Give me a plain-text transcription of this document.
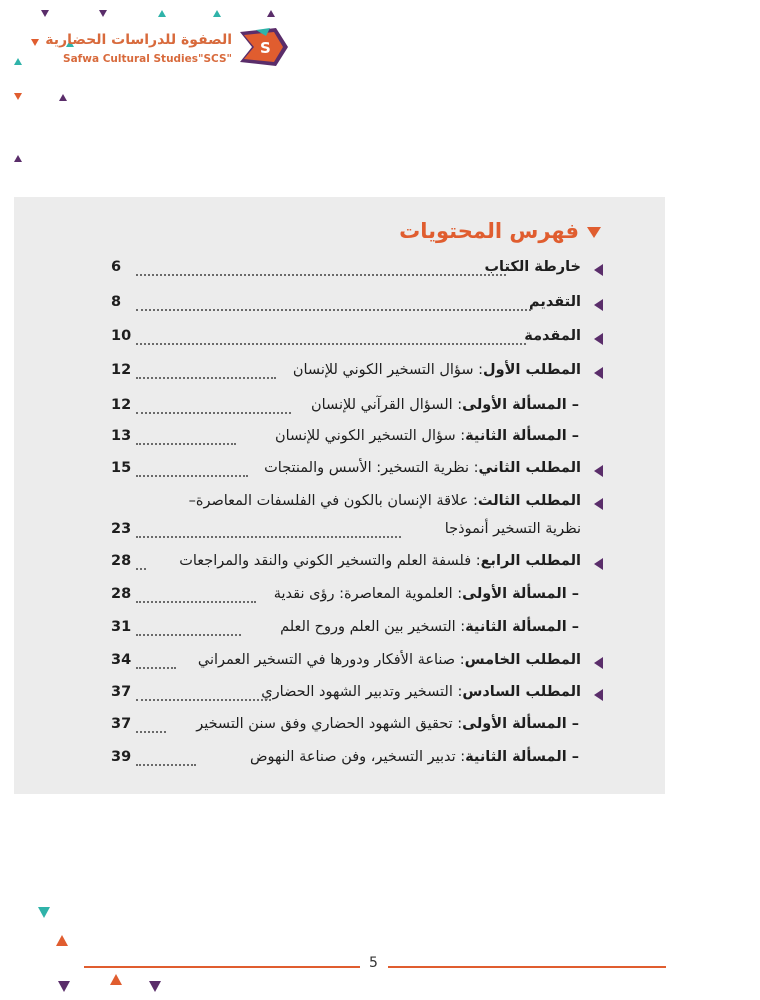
الصفوة للدراسات الحضارية
Safwa Cultural Studies"SCS"
S
فهرس المحتويات
خارطة الكتاب
6
التقديم
8
المقدمة
10
المطلب الأول: سؤال التسخير الكوني للإنسان
12
– المسألة الأولى: السؤال القرآني للإنسان
12
– المسألة الثانية: سؤال التسخير الكوني للإنسان
13
المطلب الثاني: نظرية التسخير: الأسس والمنتجات
15
المطلب الثالث: علاقة الإنسان بالكون في الفلسفات المعاصرة–
نظرية التسخير أنموذجا
23
المطلب الرابع: فلسفة العلم والتسخير الكوني والنقد والمراجعات
28
– المسألة الأولى: العلموية المعاصرة: رؤى نقدية
28
– المسألة الثانية: التسخير بين العلم وروح العلم
31
المطلب الخامس: صناعة الأفكار ودورها في التسخير العمراني
34
المطلب السادس: التسخير وتدبير الشهود الحضاري
37
– المسألة الأولى: تحقيق الشهود الحضاري وفق سنن التسخير
37
– المسألة الثانية: تدبير التسخير، وفن صناعة النهوض
39
5
